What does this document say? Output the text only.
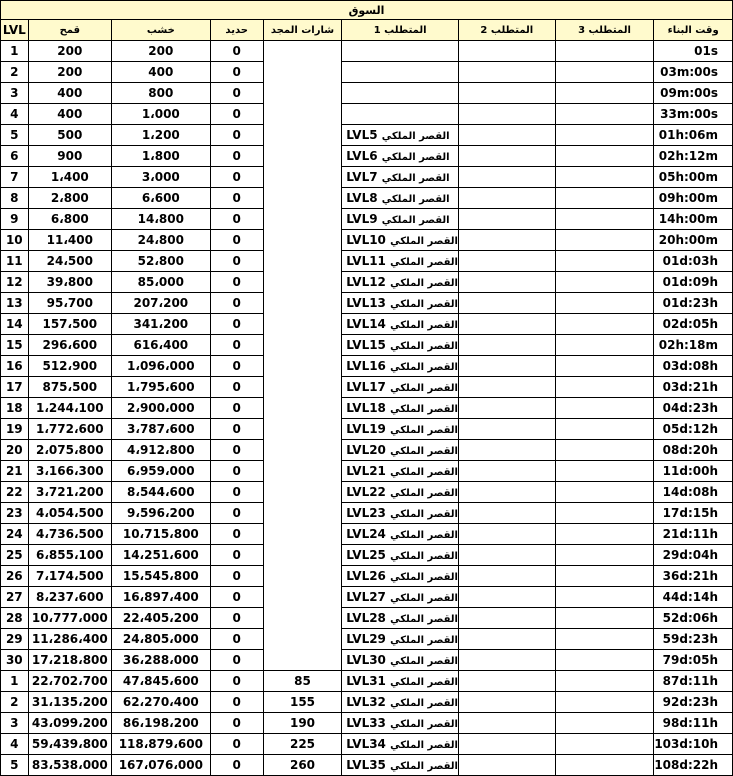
السوق								
LVL	قمح	خشب	حديد	شارات المجد	المتطلب 1	المتطلب 2	المتطلب 3	وقت البناء
1	200	200	0					01s
2	200	400	0					03m:00s
3	400	800	0					09m:00s
4	400	1،000	0					33m:00s
5	500	1،200	0		LVL5 القصر الملكي			01h:06m
6	900	1،800	0		LVL6 القصر الملكي			02h:12m
7	1،400	3،000	0		LVL7 القصر الملكي			05h:00m
8	2،800	6،600	0		LVL8 القصر الملكي			09h:00m
9	6،800	14،800	0		LVL9 القصر الملكي			14h:00m
10	11،400	24،800	0		LVL10 القصر الملكي			20h:00m
11	24،500	52،800	0		LVL11 القصر الملكي			01d:03h
12	39،800	85،000	0		LVL12 القصر الملكي			01d:09h
13	95،700	207،200	0		LVL13 القصر الملكي			01d:23h
14	157،500	341،200	0		LVL14 القصر الملكي			02d:05h
15	296،600	616،400	0		LVL15 القصر الملكي			02h:18m
16	512،900	1،096،000	0		LVL16 القصر الملكي			03d:08h
17	875،500	1،795،600	0		LVL17 القصر الملكي			03d:21h
18	1،244،100	2،900،000	0		LVL18 القصر الملكي			04d:23h
19	1،772،600	3،787،600	0		LVL19 القصر الملكي			05d:12h
20	2،075،800	4،912،800	0		LVL20 القصر الملكي			08d:20h
21	3،166،300	6،959،000	0		LVL21 القصر الملكي			11d:00h
22	3،721،200	8،544،600	0		LVL22 القصر الملكي			14d:08h
23	4،054،500	9،596،200	0		LVL23 القصر الملكي			17d:15h
24	4،736،500	10،715،800	0		LVL24 القصر الملكي			21d:11h
25	6،855،100	14،251،600	0		LVL25 القصر الملكي			29d:04h
26	7،174،500	15،545،800	0		LVL26 القصر الملكي			36d:21h
27	8،237،600	16،897،400	0		LVL27 القصر الملكي			44d:14h
28	10،777،000	22،405،200	0		LVL28 القصر الملكي			52d:06h
29	11،286،400	24،805،000	0		LVL29 القصر الملكي			59d:23h
30	17،218،800	36،288،000	0		LVL30 القصر الملكي			79d:05h
1	22،702،700	47،845،600	0	85	LVL31 القصر الملكي			87d:11h
2	31،135،200	62،270،400	0	155	LVL32 القصر الملكي			92d:23h
3	43،099،200	86،198،200	0	190	LVL33 القصر الملكي			98d:11h
4	59،439،800	118،879،600	0	225	LVL34 القصر الملكي			103d:10h
5	83،538،000	167،076،000	0	260	LVL35 القصر الملكي			108d:22h
